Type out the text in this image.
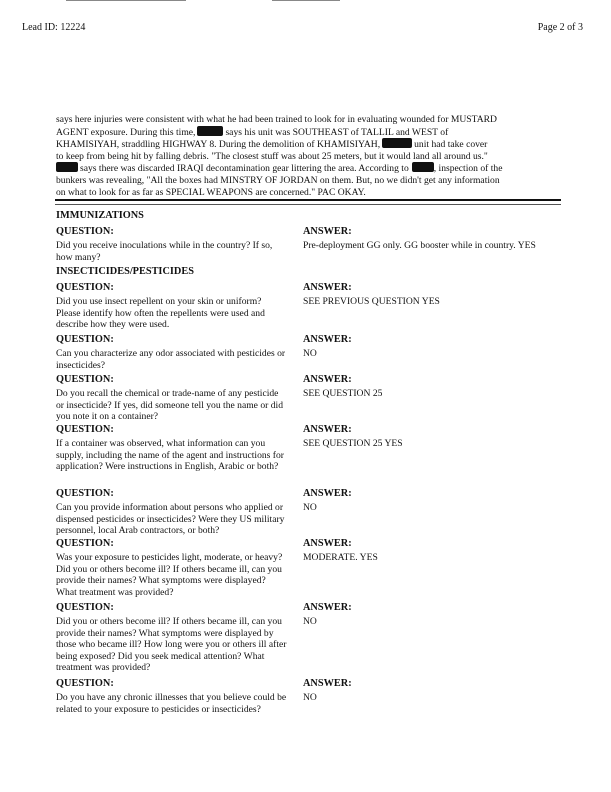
Lead ID: 12224	Page 2 of 3
says here injuries were consistent with what he had been trained to look for in evaluating wounded for MUSTARD
AGENT exposure. During this time,	says his unit was SOUTHEAST of TALLIL and WEST of
KHAMISIYAH, straddling HIGHWAY 8. During the demolition of KHAMISIYAH,	unit had take cover
to keep from being hit by falling debris. "The closest stuff was about 25 meters, but it would land all around us."
says there was discarded IRAQI decontamination gear littering the area. According to	, inspection of the
bunkers was revealing, "All the boxes had MINSTRY OF JORDAN on them. But, no we didn't get any information
on what to look for as far as SPECIAL WEAPONS are concerned." PAC OKAY.
IMMUNIZATIONS
QUESTION:
Did you receive inoculations while in the country? If so, how many?
ANSWER:
Pre-deployment GG only. GG booster while in country. YES
INSECTICIDES/PESTICIDES
QUESTION:
Did you use insect repellent on your skin or uniform? Please identify how often the repellents were used and describe how they were used.
ANSWER:
SEE PREVIOUS QUESTION YES
QUESTION:
Can you characterize any odor associated with pesticides or insecticides?
ANSWER:
NO
QUESTION:
Do you recall the chemical or trade-name of any pesticide or insecticide? If yes, did someone tell you the name or did you note it on a container?
ANSWER:
SEE QUESTION 25
QUESTION:
If a container was observed, what information can you supply, including the name of the agent and instructions for application? Were instructions in English, Arabic or both?
ANSWER:
SEE QUESTION 25 YES
QUESTION:
Can you provide information about persons who applied or dispensed pesticides or insecticides? Were they US military personnel, local Arab contractors, or both?
ANSWER:
NO
QUESTION:
Was your exposure to pesticides light, moderate, or heavy? Did you or others become ill? If others became ill, can you provide their names? What symptoms were displayed? What treatment was provided?
ANSWER:
MODERATE. YES
QUESTION:
Did you or others become ill? If others became ill, can you provide their names? What symptoms were displayed by those who became ill? How long were you or others ill after being exposed? Did you seek medical attention? What treatment was provided?
ANSWER:
NO
QUESTION:
Do you have any chronic illnesses that you believe could be related to your exposure to pesticides or insecticides?
ANSWER:
NO
